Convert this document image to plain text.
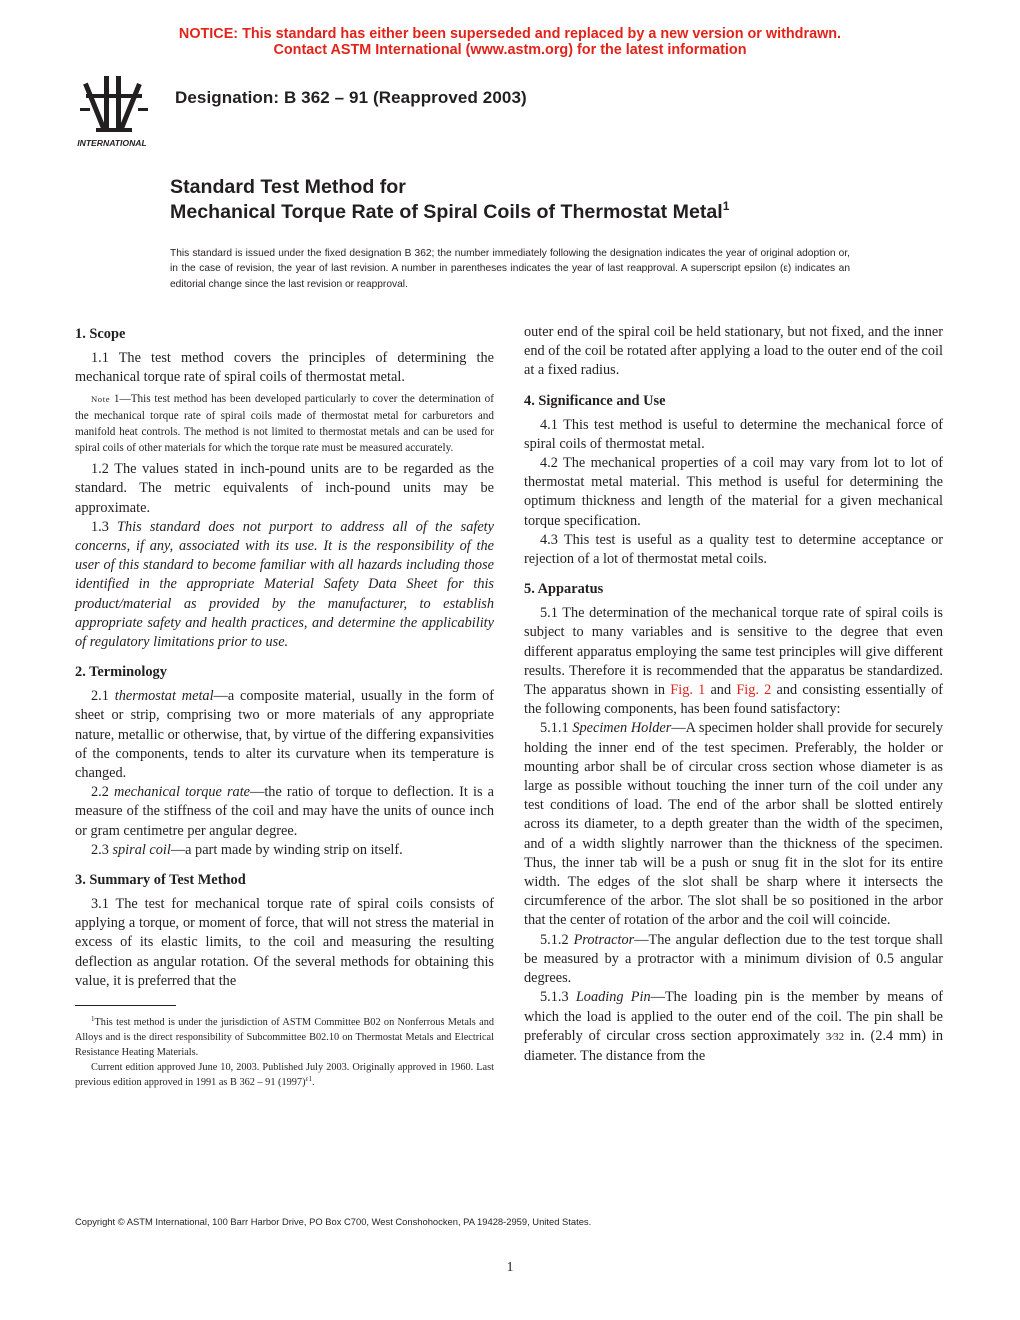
NOTICE: This standard has either been superseded and replaced by a new version or withdrawn.
Contact ASTM International (www.astm.org) for the latest information
INTERNATIONAL
Designation: B 362 – 91 (Reapproved 2003)
Standard Test Method for
Mechanical Torque Rate of Spiral Coils of Thermostat Metal$^1$
This standard is issued under the fixed designation B 362; the number immediately following the designation indicates the year of original adoption or, in the case of revision, the year of last revision. A number in parentheses indicates the year of last reapproval. A superscript epsilon (ε) indicates an editorial change since the last revision or reapproval.
1. Scope

1.1 The test method covers the principles of determining the mechanical torque rate of spiral coils of thermostat metal.

Note 1—This test method has been developed particularly to cover the determination of the mechanical torque rate of spiral coils made of thermostat metal for carburetors and manifold heat controls. The method is not limited to thermostat metals and can be used for spiral coils of other materials for which the torque rate must be measured accurately.

1.2 The values stated in inch-pound units are to be regarded as the standard. The metric equivalents of inch-pound units may be approximate.

1.3 This standard does not purport to address all of the safety concerns, if any, associated with its use. It is the responsibility of the user of this standard to become familiar with all hazards including those identified in the appropriate Material Safety Data Sheet for this product/material as provided by the manufacturer, to establish appropriate safety and health practices, and determine the applicability of regulatory limitations prior to use.

2. Terminology

2.1 thermostat metal—a composite material, usually in the form of sheet or strip, comprising two or more materials of any appropriate nature, metallic or otherwise, that, by virtue of the differing expansivities of the components, tends to alter its curvature when its temperature is changed.

2.2 mechanical torque rate—the ratio of torque to deflection. It is a measure of the stiffness of the coil and may have the units of ounce inch or gram centimetre per angular degree.

2.3 spiral coil—a part made by winding strip on itself.

3. Summary of Test Method

3.1 The test for mechanical torque rate of spiral coils consists of applying a torque, or moment of force, that will not stress the material in excess of its elastic limits, to the coil and measuring the resulting deflection as angular rotation. Of the several methods for obtaining this value, it is preferred that the

$^1$This test method is under the jurisdiction of ASTM Committee B02 on Nonferrous Metals and Alloys and is the direct responsibility of Subcommittee B02.10 on Thermostat Metals and Electrical Resistance Heating Materials.

Current edition approved June 10, 2003. Published July 2003. Originally approved in 1960. Last previous edition approved in 1991 as B 362 – 91 $(1997)^{\varepsilon 1}$.

outer end of the spiral coil be held stationary, but not fixed, and the inner end of the coil be rotated after applying a load to the outer end of the coil at a fixed radius.

4. Significance and Use

4.1 This test method is useful to determine the mechanical force of spiral coils of thermostat metal.

4.2 The mechanical properties of a coil may vary from lot to lot of thermostat metal material. This method is useful for determining the optimum thickness and length of the material for a given mechanical torque specification.

4.3 This test is useful as a quality test to determine acceptance or rejection of a lot of thermostat metal coils.

5. Apparatus

5.1 The determination of the mechanical torque rate of spiral coils is subject to many variables and is sensitive to the degree that even different apparatus employing the same test principles will give different results. Therefore it is recommended that the apparatus be standardized. The apparatus shown in Fig. 1 and Fig. 2 and consisting essentially of the following components, has been found satisfactory:

5.1.1 Specimen Holder—A specimen holder shall provide for securely holding the inner end of the test specimen. Preferably, the holder or mounting arbor shall be of circular cross section whose diameter is as large as possible without touching the inner turn of the coil under any test conditions of load. The end of the arbor shall be slotted entirely across its diameter, to a depth greater than the width of the specimen, and of a width slightly narrower than the thickness of the specimen. Thus, the inner tab will be a push or snug fit in the slot for its entire width. The edges of the slot shall be sharp where it intersects the circumference of the arbor. The slot shall be so positioned in the arbor that the center of rotation of the arbor and the coil will coincide.

5.1.2 Protractor—The angular deflection due to the test torque shall be measured by a protractor with a minimum division of 0.5 angular degrees.

5.1.3 Loading Pin—The loading pin is the member by means of which the load is applied to the outer end of the coil. The pin shall be preferably of circular cross section approximately 3⁄32 in. (2.4 mm) in diameter. The distance from the

Copyright © ASTM International, 100 Barr Harbor Drive, PO Box C700, West Conshohocken, PA 19428-2959, United States.
1
